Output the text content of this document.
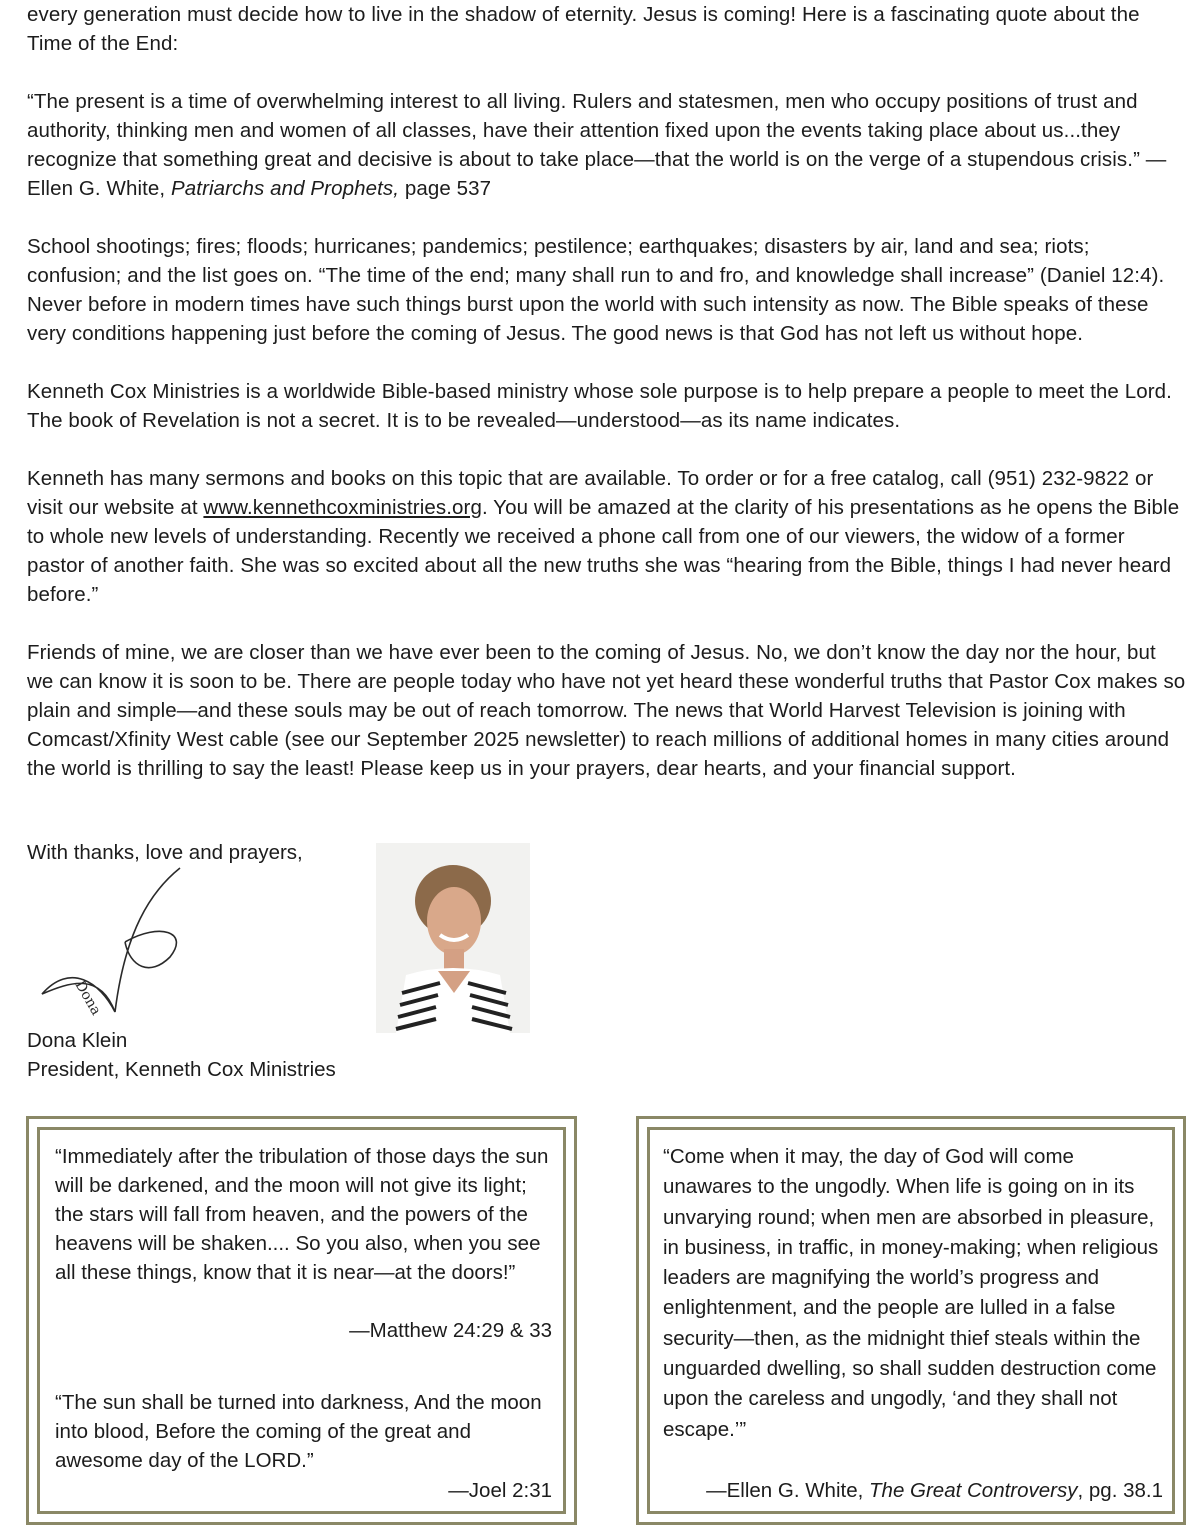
every generation must decide how to live in the shadow of eternity. Jesus is coming! Here is a fascinating quote about the Time of the End:

“The present is a time of overwhelming interest to all living. Rulers and statesmen, men who occupy positions of trust and authority, thinking men and women of all classes, have their attention fixed upon the events taking place about us...they recognize that something great and decisive is about to take place—that the world is on the verge of a stupendous crisis.” —Ellen G. White, Patriarchs and Prophets, page 537

School shootings; fires; floods; hurricanes; pandemics; pestilence; earthquakes; disasters by air, land and sea; riots; confusion; and the list goes on. “The time of the end; many shall run to and fro, and knowledge shall increase” (Daniel 12:4). Never before in modern times have such things burst upon the world with such intensity as now. The Bible speaks of these very conditions happening just before the coming of Jesus. The good news is that God has not left us without hope.

Kenneth Cox Ministries is a worldwide Bible-based ministry whose sole purpose is to help prepare a people to meet the Lord. The book of Revelation is not a secret. It is to be revealed—understood—as its name indicates.

Kenneth has many sermons and books on this topic that are available. To order or for a free catalog, call (951) 232-9822 or visit our website at www.kennethcoxministries.org. You will be amazed at the clarity of his presentations as he opens the Bible to whole new levels of understanding. Recently we received a phone call from one of our viewers, the widow of a former pastor of another faith. She was so excited about all the new truths she was “hearing from the Bible, things I had never heard before.”

Friends of mine, we are closer than we have ever been to the coming of Jesus. No, we don’t know the day nor the hour, but we can know it is soon to be. There are people today who have not yet heard these wonderful truths that Pastor Cox makes so plain and simple—and these souls may be out of reach tomorrow. The news that World Harvest Television is joining with Comcast/Xfinity West cable (see our September 2025 newsletter) to reach millions of additional homes in many cities around the world is thrilling to say the least! Please keep us in your prayers, dear hearts, and your financial support.

With thanks, love and prayers,
Dona
Dona Klein
President, Kenneth Cox Ministries
“Immediately after the tribulation of those days the sun will be darkened, and the moon will not give its light; the stars will fall from heaven, and the powers of the heavens will be shaken.... So you also, when you see all these things, know that it is near—at the doors!”
—Matthew 24:29 & 33
“The sun shall be turned into darkness, And the moon into blood, Before the coming of the great and awesome day of the LORD.”
—Joel 2:31
“Come when it may, the day of God will come unawares to the ungodly. When life is going on in its unvarying round; when men are absorbed in pleasure, in business, in traffic, in money-making; when religious leaders are magnifying the world’s progress and enlightenment, and the people are lulled in a false security—then, as the midnight thief steals within the unguarded dwelling, so shall sudden destruction come upon the careless and ungodly, ‘and they shall not escape.’”
—Ellen G. White, The Great Controversy, pg. 38.1
